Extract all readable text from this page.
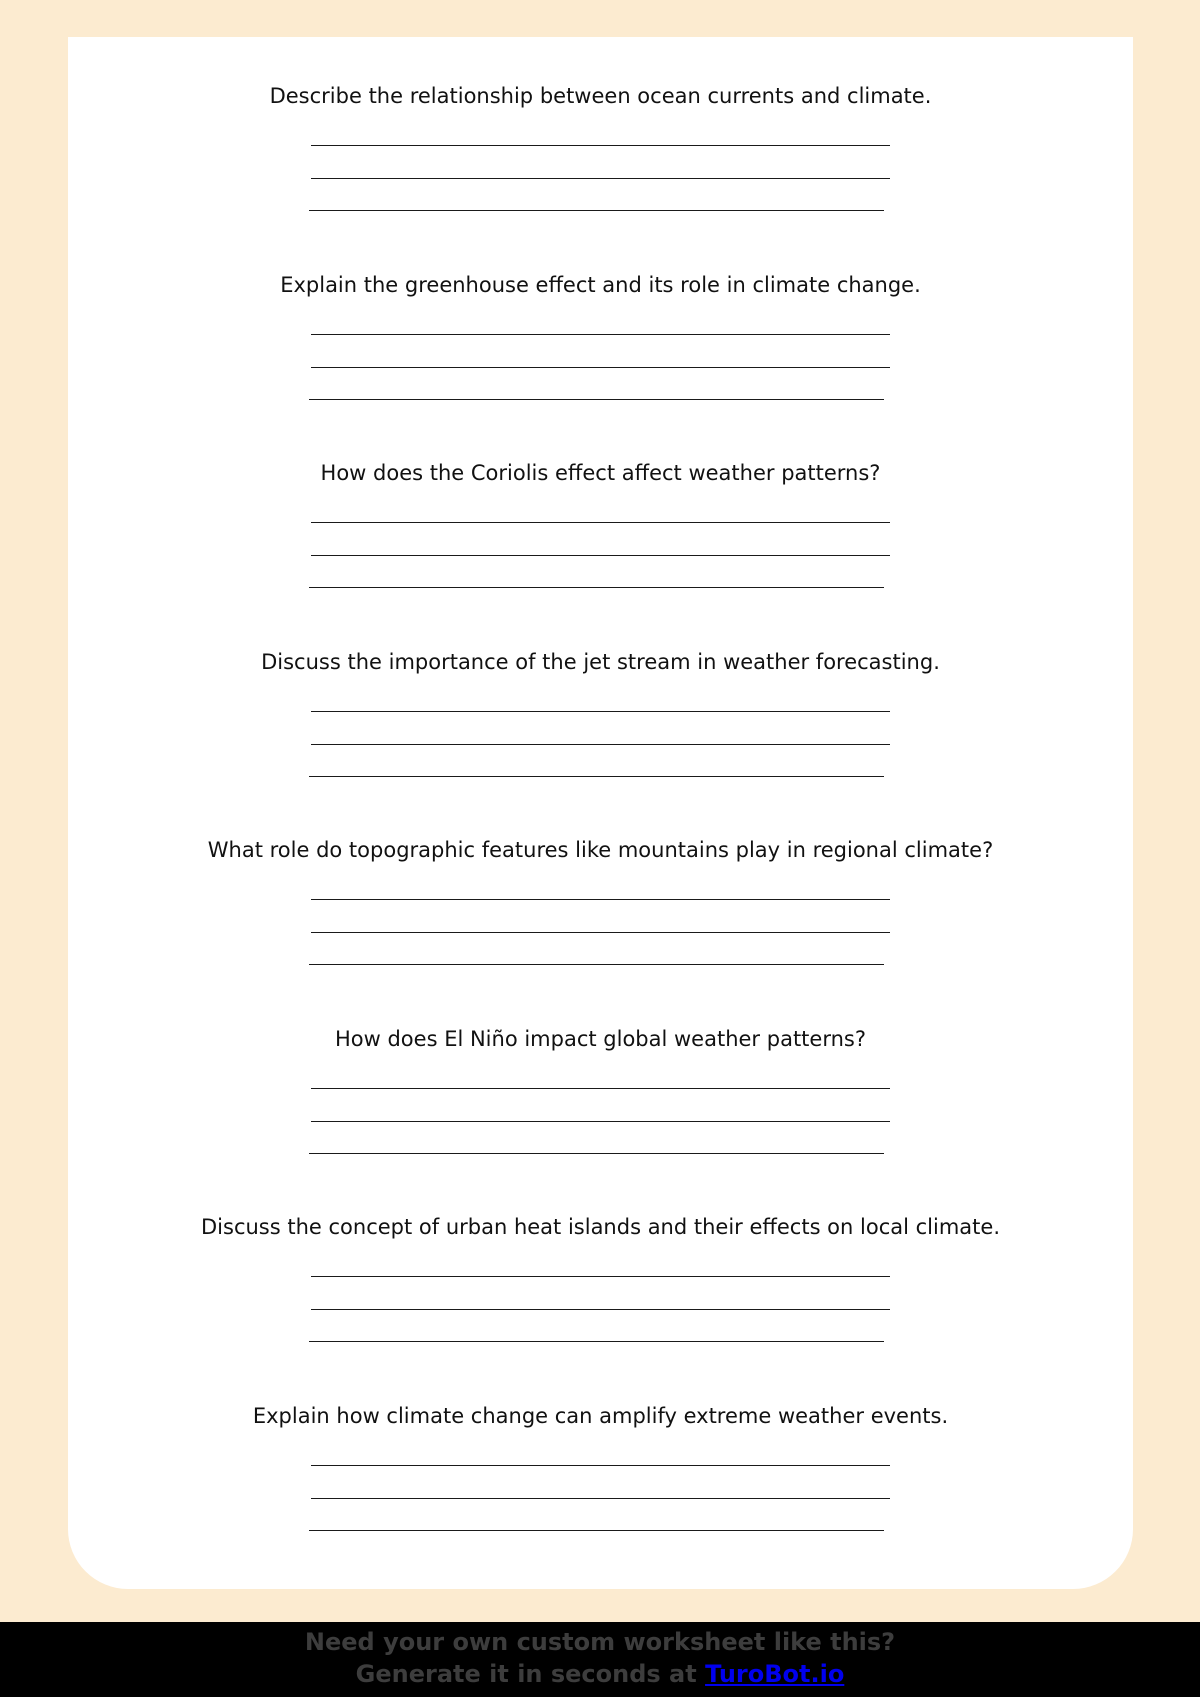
Describe the relationship between ocean currents and climate.
Explain the greenhouse effect and its role in climate change.
How does the Coriolis effect affect weather patterns?
Discuss the importance of the jet stream in weather forecasting.
What role do topographic features like mountains play in regional climate?
How does El Niño impact global weather patterns?
Discuss the concept of urban heat islands and their effects on local climate.
Explain how climate change can amplify extreme weather events.
Need your own custom worksheet like this?
Generate it in seconds at TuroBot.io
